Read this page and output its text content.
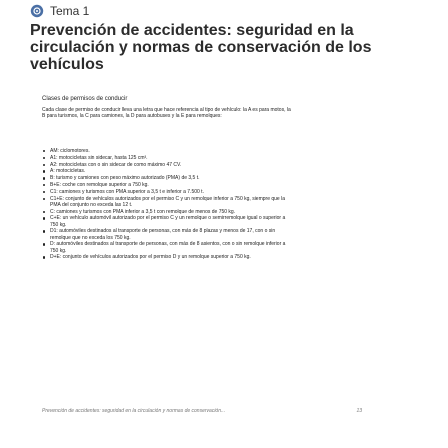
Tema 1
Prevención de accidentes: seguridad en la circulación y normas de conservación de los vehículos

Clases de permisos de conducir

Cada clase de permiso de conducir lleva una letra que hace referencia al tipo de vehículo: la A es para motos, la B para turismos, la C para camiones, la D para autobuses y la E para remolques:

AM: ciclomotores.
A1: motocicletas sin sidecar, hasta 125 cm³.
A2: motocicletas con o sin sidecar de como máximo 47 CV.
A: motocicletas.
B: turismo y camiones con peso máximo autorizado (PMA) de 3,5 t.
B+E: coche con remolque superior a 750 kg.
C1: camiones y turismos con PMA superior a 3,5 t e inferior a 7.500 t.
C1+E: conjunto de vehículos autorizados por el permiso C y un remolque inferior a 750 kg, siempre que la PMA del conjunto no exceda las 12 t.
C: camiones y turismos con PMA inferior a 3,5 t con remolque de menos de 750 kg.
C+E: un vehículo automóvil autorizado por el permiso C y un remolque o semirremolque igual o superior a 750 kg.
D1: automóviles destinados al transporte de personas, con más de 8 plazas y menos de 17, con o sin remolque que no exceda los 750 kg.
D: automóviles destinados al transporte de personas, con más de 8 asientos, con o sin remolque inferior a 750 kg.
D+E: conjunto de vehículos autorizados por el permiso D y un remolque superior a 750 kg.
Prevención de accidentes: seguridad en la circulación y normas de conservación...	13
